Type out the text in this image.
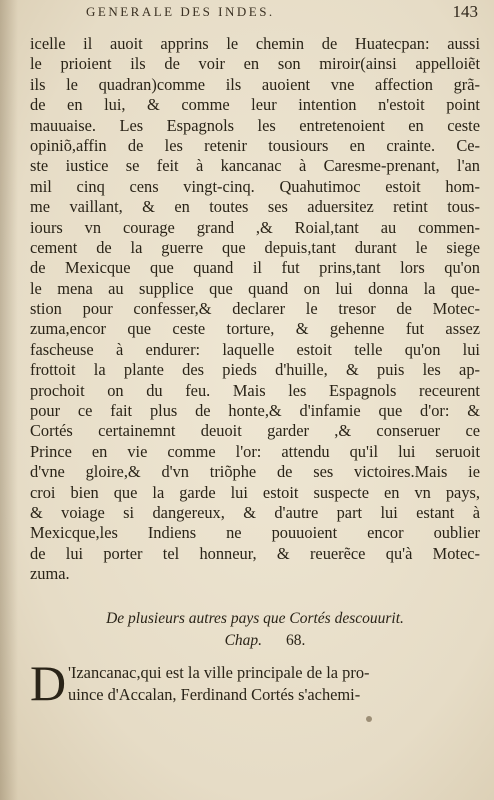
GENERALE DES INDES.	143
icelle il auoit apprins le chemin de Huatecpan: aussi
le prioient ils de voir en son miroir(ainsi appelloiẽt
ils le quadran)comme ils auoient vne affection grã-
de en lui, & comme leur intention n'estoit point
mauuaise. Les Espagnols les entretenoient en ceste
opiniõ,affin de les retenir tousiours en crainte. Ce-
ste iustice se feit à kancanac à Caresme-prenant, l'an
mil cinq cens vingt-cinq. Quahutimoc estoit hom-
me vaillant, & en toutes ses aduersitez retint tous-
iours vn courage grand ,& Roial,tant au commen-
cement de la guerre que depuis,tant durant le siege
de Mexicque que quand il fut prins,tant lors qu'on
le mena au supplice que quand on lui donna la que-
stion pour confesser,& declarer le tresor de Motec-
zuma,encor que ceste torture, & gehenne fut assez
fascheuse à endurer: laquelle estoit telle qu'on lui
frottoit la plante des pieds d'huille, & puis les ap-
prochoit on du feu. Mais les Espagnols receurent
pour ce fait plus de honte,& d'infamie que d'or: &
Cortés certainemnt deuoit garder ,& conseruer ce
Prince en vie comme l'or: attendu qu'il lui seruoit
d'vne gloire,& d'vn triõphe de ses victoires.Mais ie
croi bien que la garde lui estoit suspecte en vn pays,
& voiage si dangereux, & d'autre part lui estant à
Mexicque,les Indiens ne pouuoient encor oublier
de lui porter tel honneur, & reuerẽce qu'à Motec-
zuma.
De plusieurs autres pays que Cortés descouurit.
Chap. 68.
D 'Izancanac,qui est la ville principale de la pro-
uince d'Accalan, Ferdinand Cortés s'achemi-
